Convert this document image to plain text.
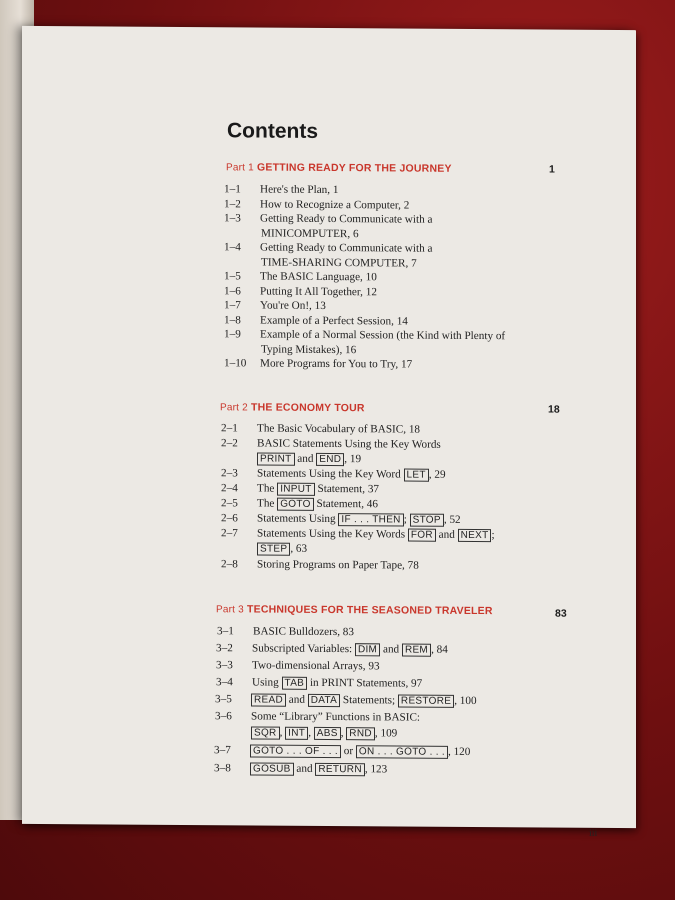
Contents
Part 1 GETTING READY FOR THE JOURNEY	1
1–1 Here's the Plan, 1
1–2 How to Recognize a Computer, 2
1–3 Getting Ready to Communicate with a
MINICOMPUTER, 6
1–4 Getting Ready to Communicate with a
TIME-SHARING COMPUTER, 7
1–5 The BASIC Language, 10
1–6 Putting It All Together, 12
1–7 You're On!, 13
1–8 Example of a Perfect Session, 14
1–9 Example of a Normal Session (the Kind with Plenty of
Typing Mistakes), 16
1–10 More Programs for You to Try, 17
Part 2 THE ECONOMY TOUR	18
2–1 The Basic Vocabulary of BASIC, 18
2–2 BASIC Statements Using the Key Words
PRINT and END , 19
2–3 Statements Using the Key Word LET , 29
2–4 The INPUT Statement, 37
2–5 The GOTO Statement, 46
2–6 Statements Using IF . . . THEN ; STOP , 52
2–7 Statements Using the Key Words FOR and NEXT ;
STEP , 63
2–8 Storing Programs on Paper Tape, 78
Part 3 TECHNIQUES FOR THE SEASONED TRAVELER	83
3–1 BASIC Bulldozers, 83
3–2 Subscripted Variables: DIM and REM , 84
3–3 Two-dimensional Arrays, 93
3–4 Using TAB in PRINT Statements, 97
3–5	READ and DATA Statements; RESTORE , 100
3–6 Some “Library” Functions in BASIC:
SQR , INT , ABS , RND , 109
3–7	GOTO . . . OF . . . or ON . . . GOTO . . . , 120
3–8	GOSUB and RETURN , 123
iii
